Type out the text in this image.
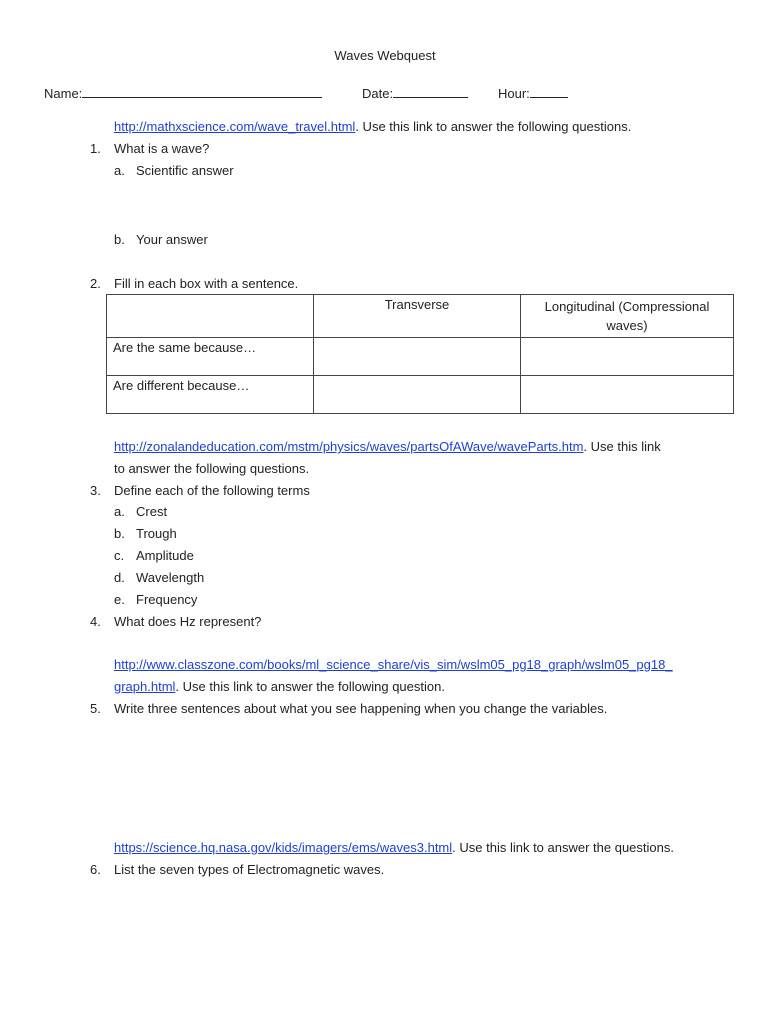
Waves Webquest
Name:	Date:	Hour:
http://mathxscience.com/wave_travel.html. Use this link to answer the following questions.
1. What is a wave?
a. Scientific answer
b. Your answer
2. Fill in each box with a sentence.
	Transverse	Longitudinal (Compressional waves)
Are the same because…		
Are different because…		
http://zonalandeducation.com/mstm/physics/waves/partsOfAWave/waveParts.htm. Use this link
to answer the following questions.
3. Define each of the following terms
a. Crest
b. Trough
c. Amplitude
d. Wavelength
e. Frequency
4. What does Hz represent?
http://www.classzone.com/books/ml_science_share/vis_sim/wslm05_pg18_graph/wslm05_pg18_
graph.html. Use this link to answer the following question.
5. Write three sentences about what you see happening when you change the variables.
https://science.hq.nasa.gov/kids/imagers/ems/waves3.html. Use this link to answer the questions.
6. List the seven types of Electromagnetic waves.
